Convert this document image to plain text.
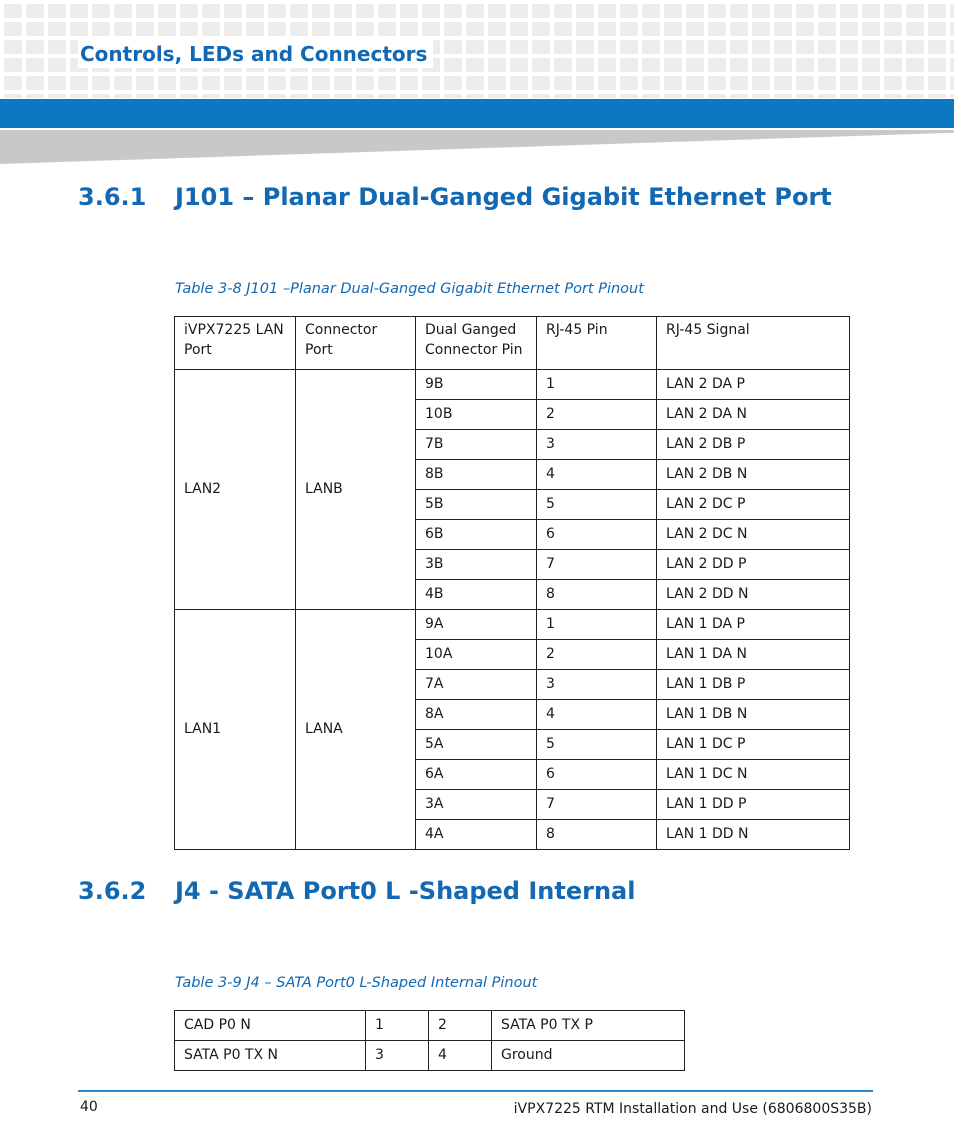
Controls, LEDs and Connectors
3.6.1 J101 – Planar Dual-Ganged Gigabit Ethernet Port

Table 3-8 J101 –Planar Dual-Ganged Gigabit Ethernet Port Pinout

iVPX7225 LAN Port	Connector Port	Dual Ganged Connector Pin	RJ-45 Pin	RJ-45 Signal
LAN2	LANB	9B	1	LAN 2 DA P
		10B	2	LAN 2 DA N
		7B	3	LAN 2 DB P
		8B	4	LAN 2 DB N
		5B	5	LAN 2 DC P
		6B	6	LAN 2 DC N
		3B	7	LAN 2 DD P
		4B	8	LAN 2 DD N
LAN1	LANA	9A	1	LAN 1 DA P
		10A	2	LAN 1 DA N
		7A	3	LAN 1 DB P
		8A	4	LAN 1 DB N
		5A	5	LAN 1 DC P
		6A	6	LAN 1 DC N
		3A	7	LAN 1 DD P
		4A	8	LAN 1 DD N
3.6.2 J4 - SATA Port0 L -Shaped Internal

Table 3-9 J4 – SATA Port0 L-Shaped Internal Pinout

CAD P0 N	1	2	SATA P0 TX P
SATA P0 TX N	3	4	Ground
40	iVPX7225 RTM Installation and Use (6806800S35B)
